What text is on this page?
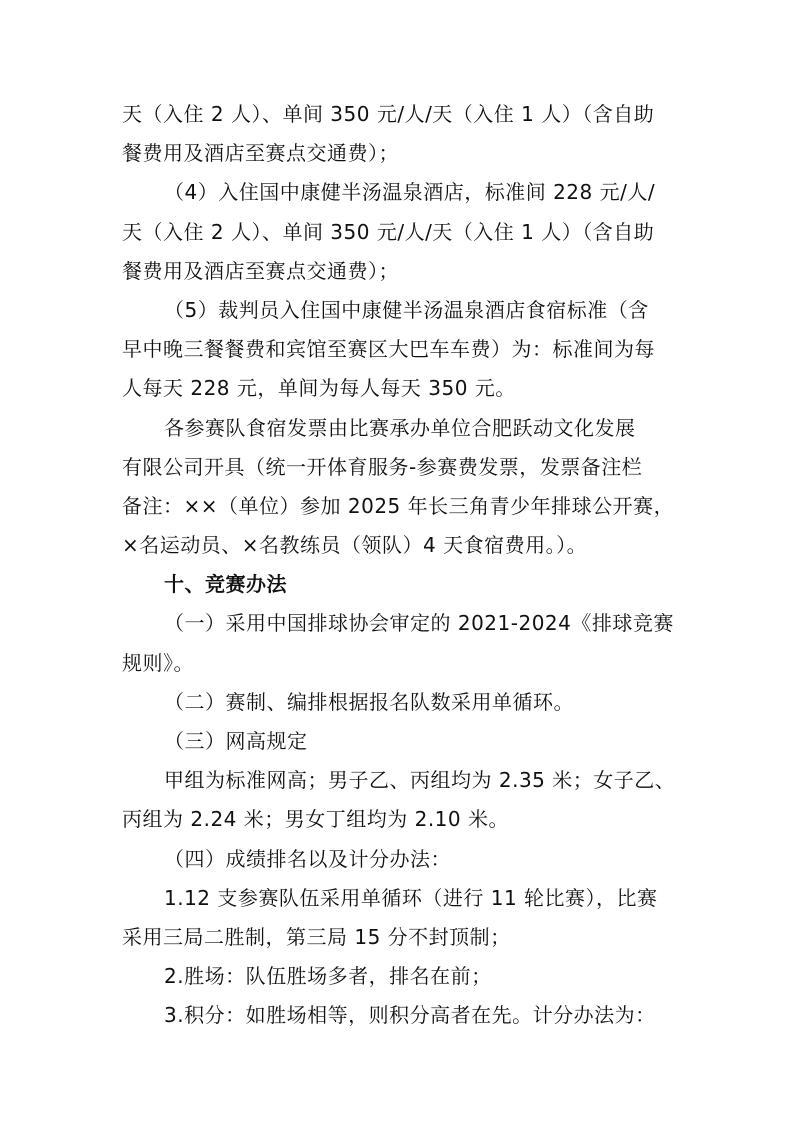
天（入住 2 人）、单间 350 元/人/天（入住 1 人）（含自助
餐费用及酒店至赛点交通费）；
（4）入住国中康健半汤温泉酒店，标准间 228 元/人/
天（入住 2 人）、单间 350 元/人/天（入住 1 人）（含自助
餐费用及酒店至赛点交通费）；
（5）裁判员入住国中康健半汤温泉酒店食宿标准（含
早中晚三餐餐费和宾馆至赛区大巴车车费）为：标准间为每
人每天 228 元，单间为每人每天 350 元。
各参赛队食宿发票由比赛承办单位合肥跃动文化发展
有限公司开具（统一开体育服务-参赛费发票，发票备注栏
备注：××（单位）参加 2025 年长三角青少年排球公开赛，
×名运动员、×名教练员（领队）4 天食宿费用。）。
十、竞赛办法
（一）采用中国排球协会审定的 2021-2024《排球竞赛
规则》。
（二）赛制、编排根据报名队数采用单循环。
（三）网高规定
甲组为标准网高；男子乙、丙组均为 2.35 米；女子乙、
丙组为 2.24 米；男女丁组均为 2.10 米。
（四）成绩排名以及计分办法：
1.12 支参赛队伍采用单循环（进行 11 轮比赛），比赛
采用三局二胜制，第三局 15 分不封顶制；
2.胜场：队伍胜场多者，排名在前；
3.积分：如胜场相等，则积分高者在先。计分办法为：
